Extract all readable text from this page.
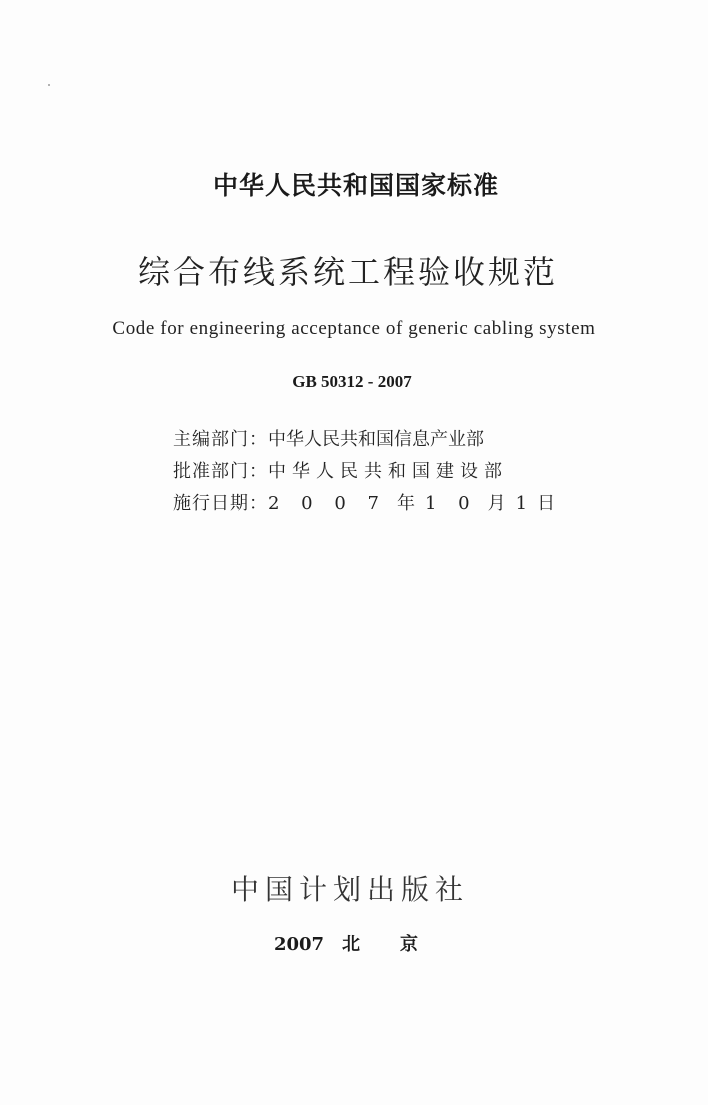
中华人民共和国国家标准
综合布线系统工程验收规范
Code for engineering acceptance of generic cabling system
GB 50312 - 2007
主编部门：中华人民共和国信息产业部
批准部门：中华人民共和国建设部
施行日期：2 0 0 7 年 1 0 月 1 日
中国计划出版社
2007 北 京
